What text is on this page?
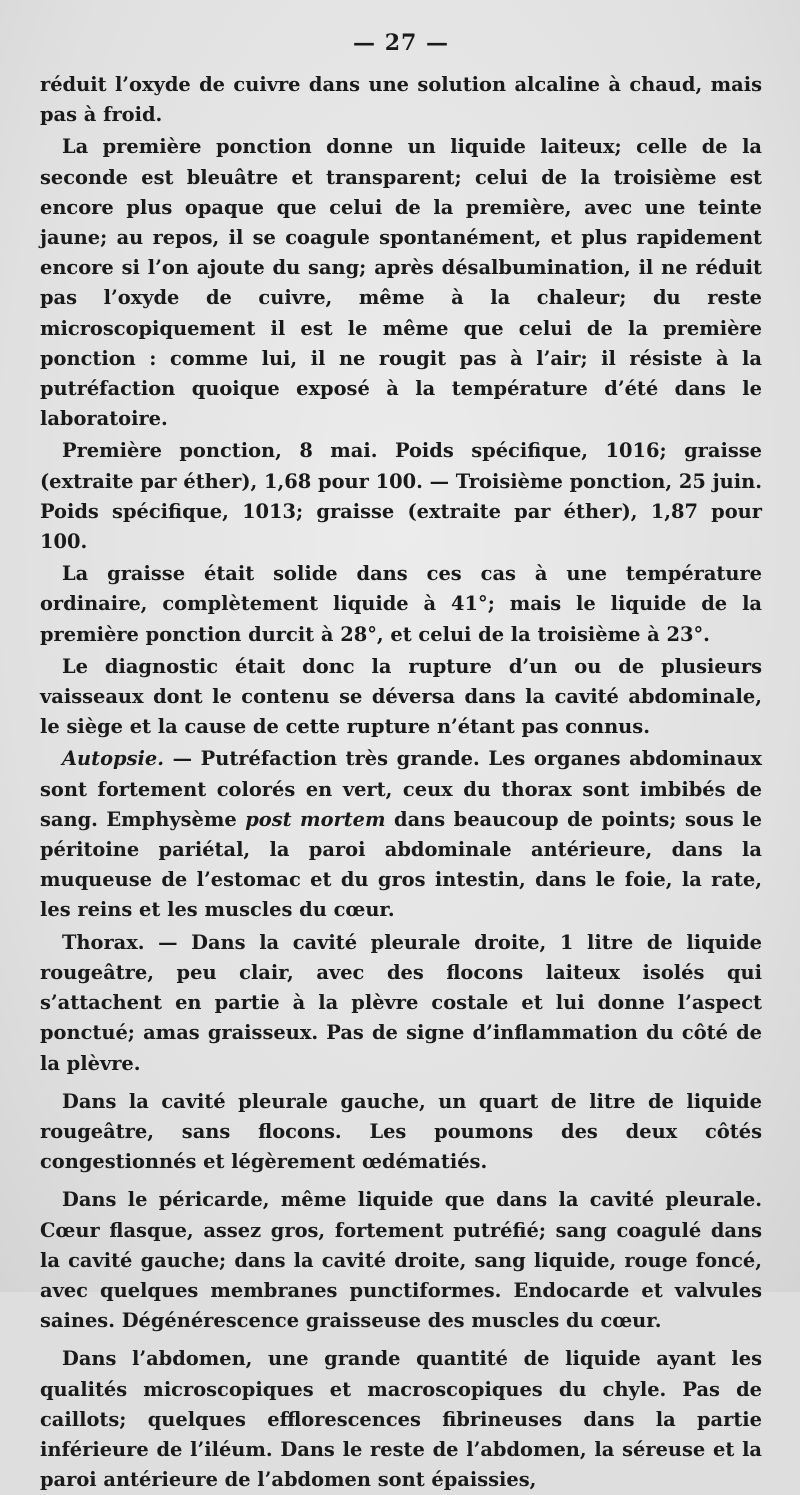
— 27 —

réduit l’oxyde de cuivre dans une solution alcaline à chaud, mais pas à froid.

La première ponction donne un liquide laiteux; celle de la seconde est bleuâtre et transparent; celui de la troisième est encore plus opaque que celui de la première, avec une teinte jaune; au repos, il se coagule spontanément, et plus rapidement encore si l’on ajoute du sang; après désalbumination, il ne réduit pas l’oxyde de cuivre, même à la chaleur; du reste microscopiquement il est le même que celui de la première ponction : comme lui, il ne rougit pas à l’air; il résiste à la putréfaction quoique exposé à la température d’été dans le laboratoire.

Première ponction, 8 mai. Poids spécifique, 1016; graisse (extraite par éther), 1,68 pour 100. — Troisième ponction, 25 juin. Poids spécifique, 1013; graisse (extraite par éther), 1,87 pour 100.

La graisse était solide dans ces cas à une température ordinaire, complètement liquide à 41°; mais le liquide de la première ponction durcit à 28°, et celui de la troisième à 23°.

Le diagnostic était donc la rupture d’un ou de plusieurs vaisseaux dont le contenu se déversa dans la cavité abdominale, le siège et la cause de cette rupture n’étant pas connus.

Autopsie. — Putréfaction très grande. Les organes abdominaux sont fortement colorés en vert, ceux du thorax sont imbibés de sang. Emphysème post mortem dans beaucoup de points; sous le péritoine pariétal, la paroi abdominale antérieure, dans la muqueuse de l’estomac et du gros intestin, dans le foie, la rate, les reins et les muscles du cœur.

Thorax. — Dans la cavité pleurale droite, 1 litre de liquide rougeâtre, peu clair, avec des flocons laiteux isolés qui s’attachent en partie à la plèvre costale et lui donne l’aspect ponctué; amas graisseux. Pas de signe d’inflammation du côté de la plèvre.

Dans la cavité pleurale gauche, un quart de litre de liquide rougeâtre, sans flocons. Les poumons des deux côtés congestionnés et légèrement œdématiés.

Dans le péricarde, même liquide que dans la cavité pleurale. Cœur flasque, assez gros, fortement putréfié; sang coagulé dans la cavité gauche; dans la cavité droite, sang liquide, rouge foncé, avec quelques membranes punctiformes. Endocarde et valvules saines. Dégénérescence graisseuse des muscles du cœur.

Dans l’abdomen, une grande quantité de liquide ayant les qualités microscopiques et macroscopiques du chyle. Pas de caillots; quelques efflorescences fibrineuses dans la partie inférieure de l’iléum. Dans le reste de l’abdomen, la séreuse et la paroi antérieure de l’abdomen sont épaissies,
